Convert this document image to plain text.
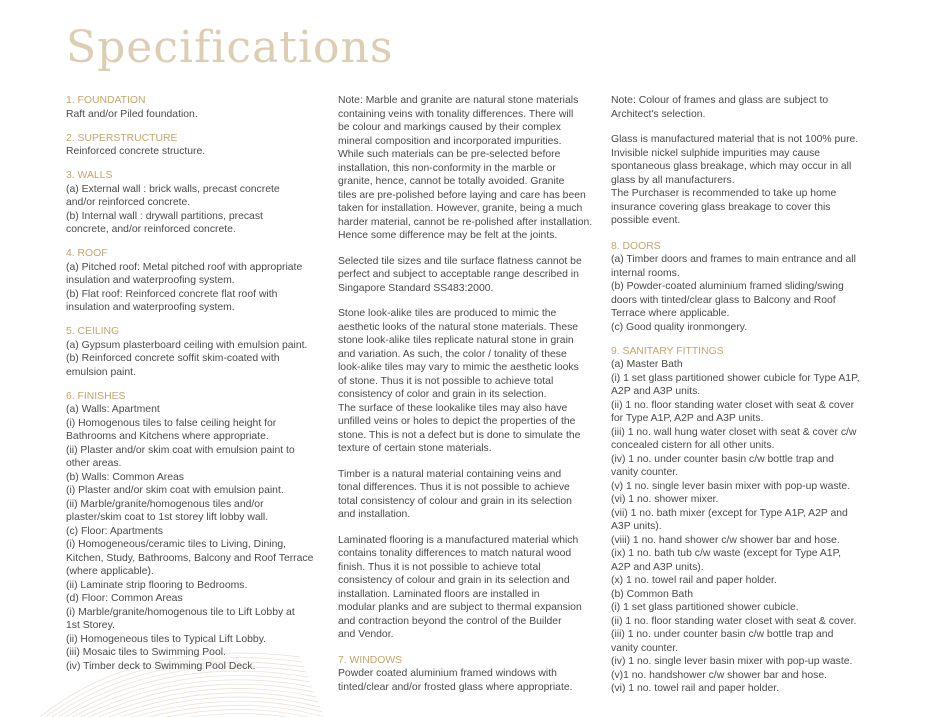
Specifications
1. FOUNDATION
Raft and/or Piled foundation.
2. SUPERSTRUCTURE
Reinforced concrete structure.
3. WALLS
(a) External wall : brick walls, precast concrete
and/or reinforced concrete.
(b) Internal wall : drywall partitions, precast
concrete, and/or reinforced concrete.
4. ROOF
(a) Pitched roof: Metal pitched roof with appropriate
insulation and waterproofing system.
(b) Flat roof: Reinforced concrete flat roof with
insulation and waterproofing system.
5. CEILING
(a) Gypsum plasterboard ceiling with emulsion paint.
(b) Reinforced concrete soffit skim-coated with
emulsion paint.
6. FINISHES
(a) Walls: Apartment
(i) Homogenous tiles to false ceiling height for
Bathrooms and Kitchens where appropriate.
(ii) Plaster and/or skim coat with emulsion paint to
other areas.
(b) Walls: Common Areas
(i) Plaster and/or skim coat with emulsion paint.
(ii) Marble/granite/homogenous tiles and/or
plaster/skim coat to 1st storey lift lobby wall.
(c) Floor: Apartments
(i) Homogeneous/ceramic tiles to Living, Dining,
Kitchen, Study, Bathrooms, Balcony and Roof Terrace
(where applicable).
(ii) Laminate strip flooring to Bedrooms.
(d) Floor: Common Areas
(i) Marble/granite/homogenous tile to Lift Lobby at
1st Storey.
(ii) Homogeneous tiles to Typical Lift Lobby.
(iii) Mosaic tiles to Swimming Pool.
(iv) Timber deck to Swimming Pool Deck.
Note: Marble and granite are natural stone materials
containing veins with tonality differences. There will
be colour and markings caused by their complex
mineral composition and incorporated impurities.
While such materials can be pre-selected before
installation, this non-conformity in the marble or
granite, hence, cannot be totally avoided. Granite
tiles are pre-polished before laying and care has been
taken for installation. However, granite, being a much
harder material, cannot be re-polished after installation.
Hence some difference may be felt at the joints.
Selected tile sizes and tile surface flatness cannot be
perfect and subject to acceptable range described in
Singapore Standard SS483:2000.
Stone look-alike tiles are produced to mimic the
aesthetic looks of the natural stone materials. These
stone look-alike tiles replicate natural stone in grain
and variation. As such, the color / tonality of these
look-alike tiles may vary to mimic the aesthetic looks
of stone. Thus it is not possible to achieve total
consistency of color and grain in its selection.
The surface of these lookalike tiles may also have
unfilled veins or holes to depict the properties of the
stone. This is not a defect but is done to simulate the
texture of certain stone materials.
Timber is a natural material containing veins and
tonal differences. Thus it is not possible to achieve
total consistency of colour and grain in its selection
and installation.
Laminated flooring is a manufactured material which
contains tonality differences to match natural wood
finish. Thus it is not possible to achieve total
consistency of colour and grain in its selection and
installation. Laminated floors are installed in
modular planks and are subject to thermal expansion
and contraction beyond the control of the Builder
and Vendor.
7. WINDOWS
Powder coated aluminium framed windows with
tinted/clear and/or frosted glass where appropriate.
Note: Colour of frames and glass are subject to
Architect's selection.
Glass is manufactured material that is not 100% pure.
Invisible nickel sulphide impurities may cause
spontaneous glass breakage, which may occur in all
glass by all manufacturers.
The Purchaser is recommended to take up home
insurance covering glass breakage to cover this
possible event.
8. DOORS
(a) Timber doors and frames to main entrance and all
internal rooms.
(b) Powder-coated aluminium framed sliding/swing
doors with tinted/clear glass to Balcony and Roof
Terrace where applicable.
(c) Good quality ironmongery.
9. SANITARY FITTINGS
(a) Master Bath
(i) 1 set glass partitioned shower cubicle for Type A1P,
A2P and A3P units.
(ii) 1 no. floor standing water closet with seat & cover
for Type A1P, A2P and A3P units.
(iii) 1 no. wall hung water closet with seat & cover c/w
concealed cistern for all other units.
(iv) 1 no. under counter basin c/w bottle trap and
vanity counter.
(v) 1 no. single lever basin mixer with pop-up waste.
(vi) 1 no. shower mixer.
(vii) 1 no. bath mixer (except for Type A1P, A2P and
A3P units).
(viii) 1 no. hand shower c/w shower bar and hose.
(ix) 1 no. bath tub c/w waste (except for Type A1P,
A2P and A3P units).
(x) 1 no. towel rail and paper holder.
(b) Common Bath
(i) 1 set glass partitioned shower cubicle.
(ii) 1 no. floor standing water closet with seat & cover.
(iii) 1 no. under counter basin c/w bottle trap and
vanity counter.
(iv) 1 no. single lever basin mixer with pop-up waste.
(v)1 no. handshower c/w shower bar and hose.
(vi) 1 no. towel rail and paper holder.
